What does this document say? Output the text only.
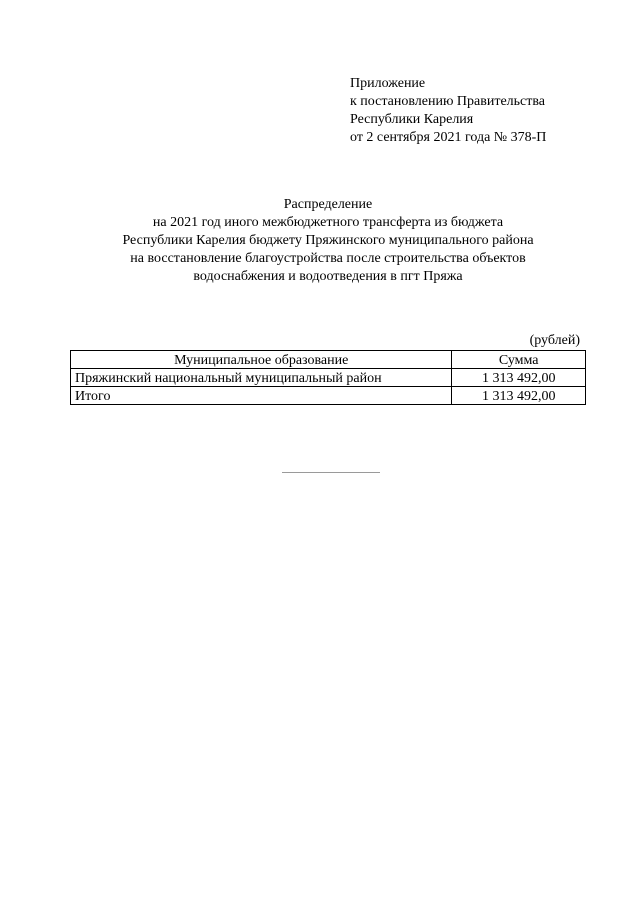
Приложение
к постановлению Правительства
Республики Карелия
от 2 сентября 2021 года № 378-П
Распределение
на 2021 год иного межбюджетного трансферта из бюджета
Республики Карелия бюджету Пряжинского муниципального района
на восстановление благоустройства после строительства объектов
водоснабжения и водоотведения в пгт Пряжа
(рублей)
Муниципальное образование	Сумма
Пряжинский национальный муниципальный район	1 313 492,00
Итого	1 313 492,00
